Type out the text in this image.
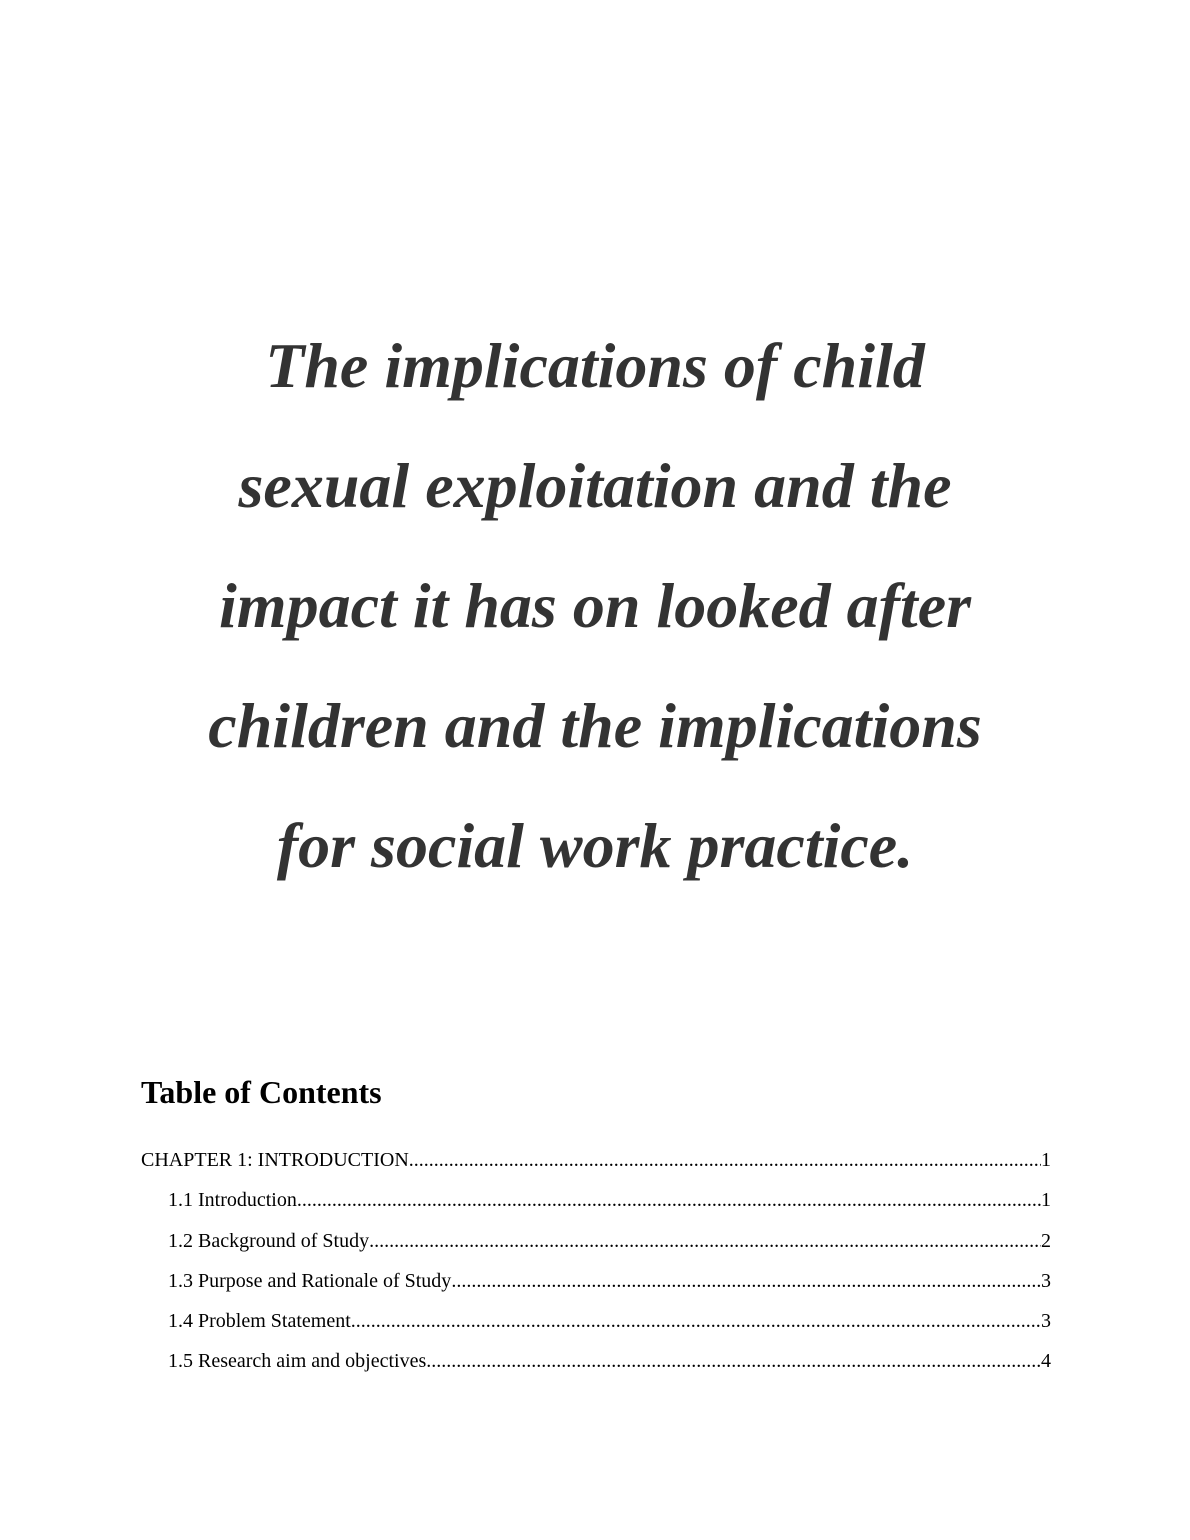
The implications of child
sexual exploitation and the
impact it has on looked after
children and the implications
for social work practice.
Table of Contents
CHAPTER 1: INTRODUCTION .....	1
1.1 Introduction .....	1
1.2 Background of Study .....	2
1.3 Purpose and Rationale of Study .....	3
1.4 Problem Statement .....	3
1.5 Research aim and objectives .....	4
